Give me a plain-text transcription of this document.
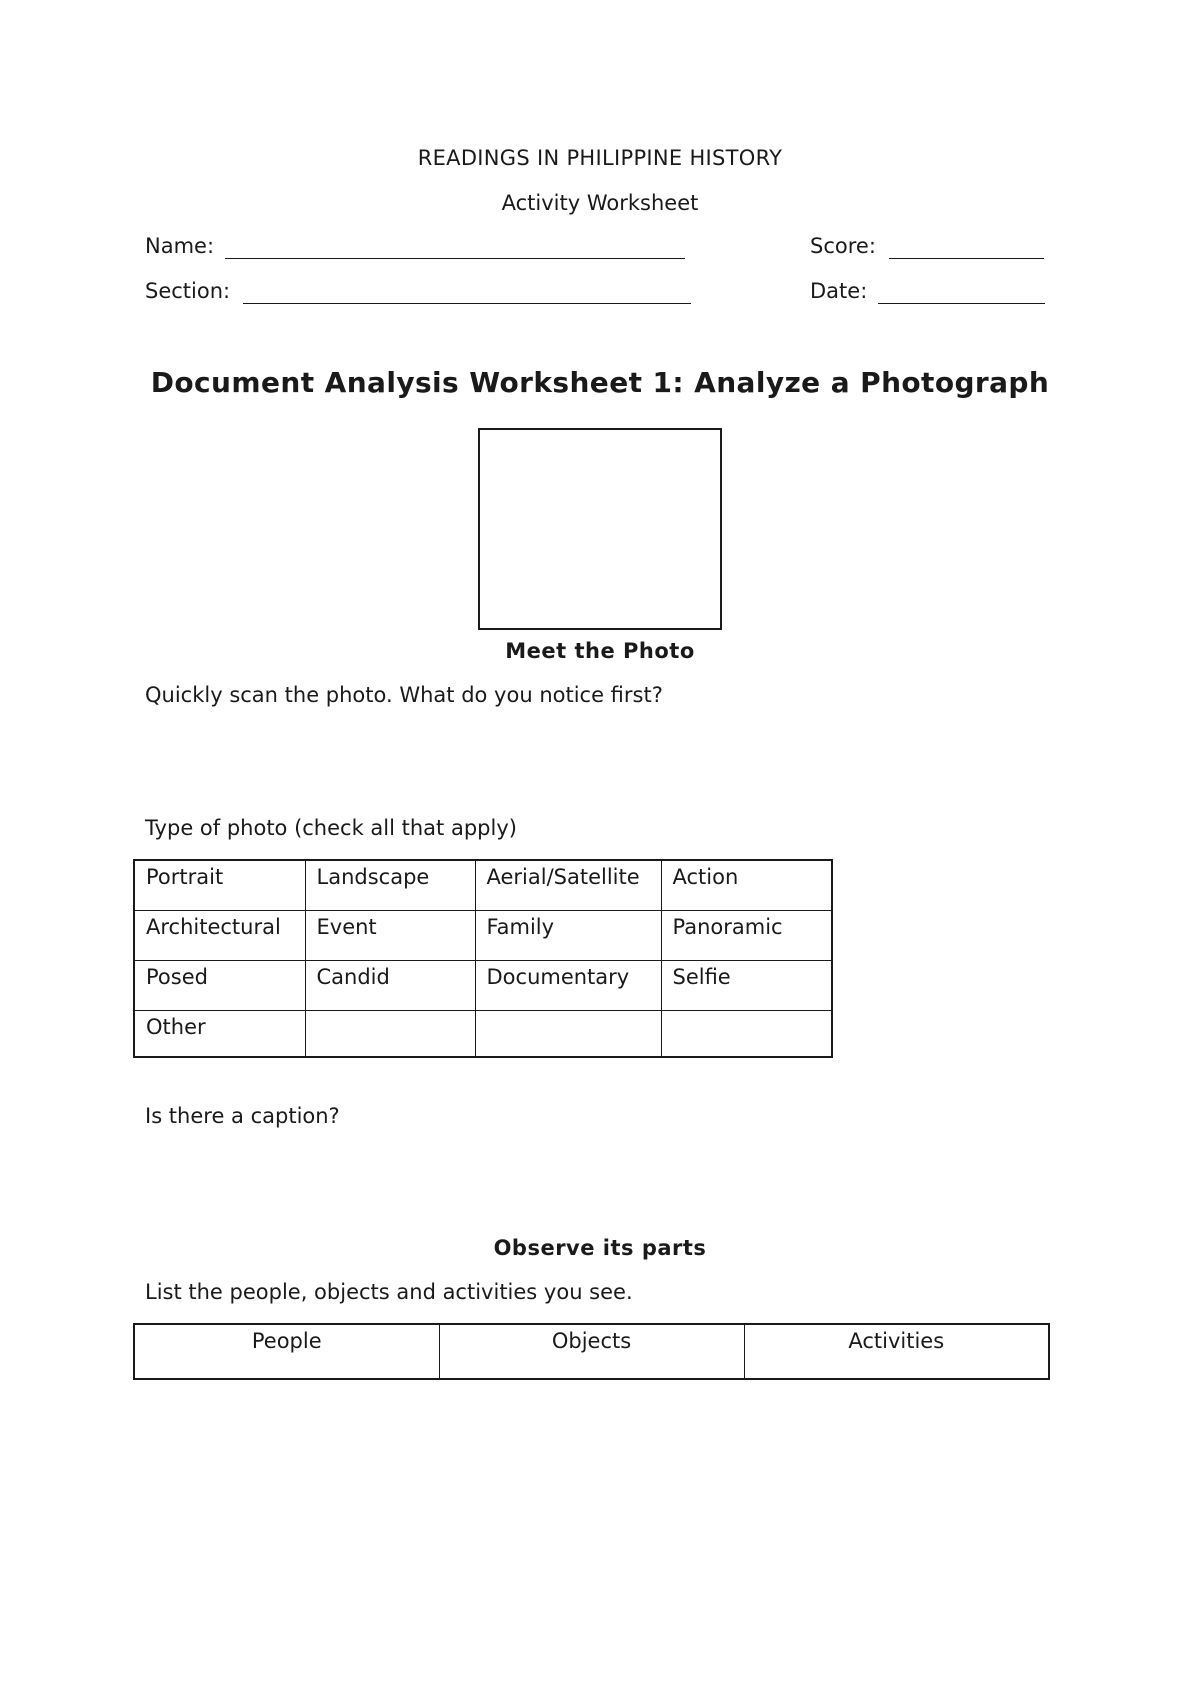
READINGS IN PHILIPPINE HISTORY
Activity Worksheet
Name:	Score:
Section:	Date:
Document Analysis Worksheet 1: Analyze a Photograph
Meet the Photo
Quickly scan the photo. What do you notice first?
Type of photo (check all that apply)
Portrait	Landscape	Aerial/Satellite	Action
Architectural	Event	Family	Panoramic
Posed	Candid	Documentary	Selfie
Other			
Is there a caption?
Observe its parts
List the people, objects and activities you see.
People	Objects	Activities
